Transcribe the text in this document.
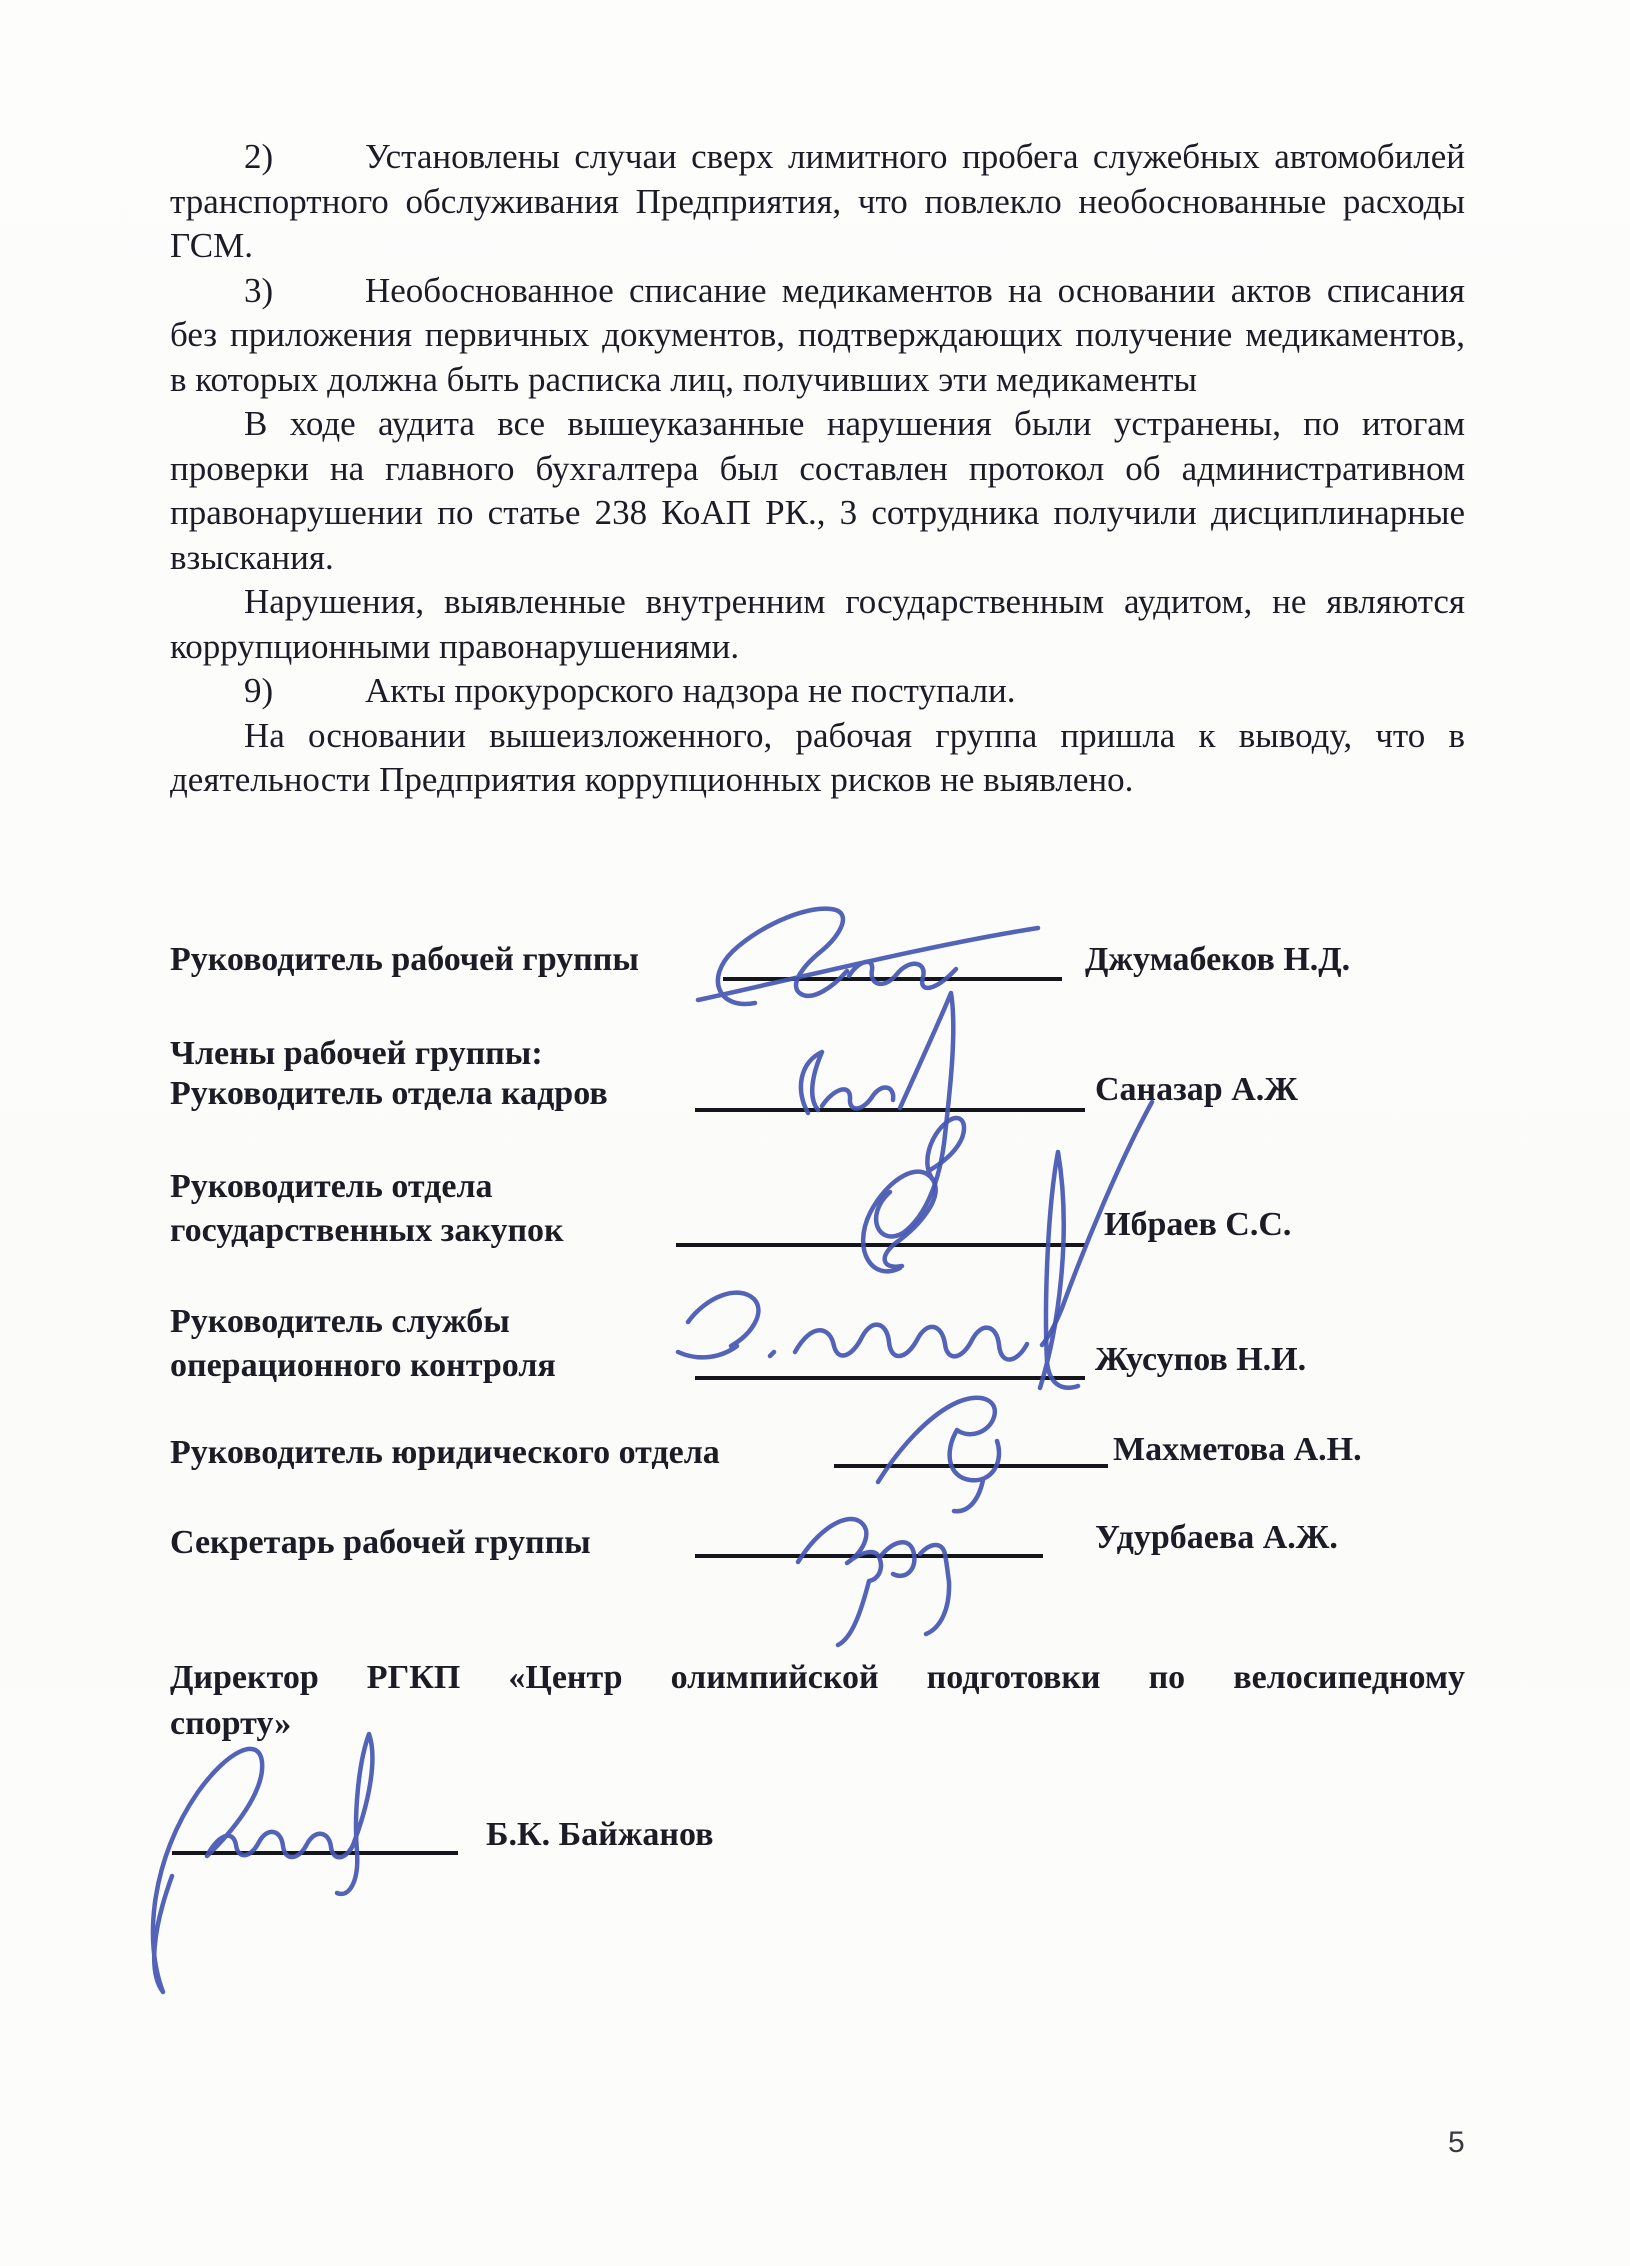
2)	Установлены случаи сверх лимитного пробега служебных автомобилей транспортного обслуживания Предприятия, что повлекло необоснованные расходы ГСМ.

3)	Необоснованное списание медикаментов на основании актов списания без приложения первичных документов, подтверждающих получение медикаментов, в которых должна быть расписка лиц, получивших эти медикаменты

В ходе аудита все вышеуказанные нарушения были устранены, по итогам проверки на главного бухгалтера был составлен протокол об административном правонарушении по статье 238 КоАП РК., 3 сотрудника получили дисциплинарные взыскания.

Нарушения, выявленные внутренним государственным аудитом, не являются коррупционными правонарушениями.

9)	Акты прокурорского надзора не поступали.

На основании вышеизложенного, рабочая группа пришла к выводу, что в деятельности Предприятия коррупционных рисков не выявлено.

Руководитель рабочей группы	Джумабеков Н.Д.
Члены рабочей группы:
Руководитель отдела кадров	Саназар А.Ж
Руководитель отдела
государственных закупок	Ибраев С.С.
Руководитель службы
операционного контроля	Жусупов Н.И.
Руководитель юридического отдела	Махметова А.Н.
Секретарь рабочей группы	Удурбаева А.Ж.
Директор РГКП «Центр олимпийской подготовки по велосипедному
спорту»
Б.К. Байжанов
5
